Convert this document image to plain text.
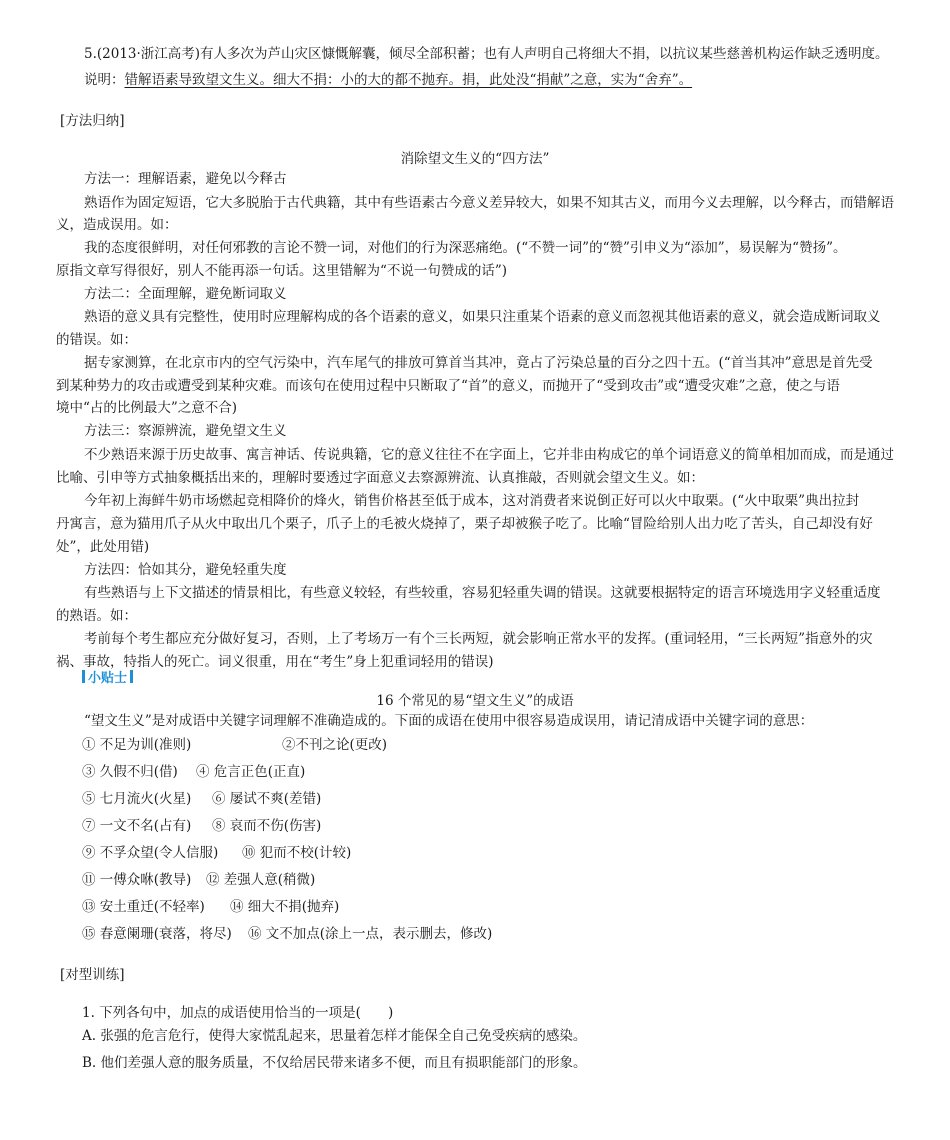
5.(2013·浙江高考)有人多次为芦山灾区慷慨解囊，倾尽全部积蓄；也有人声明自己将细大不捐，以抗议某些慈善机构运作缺乏透明度。
说明：错解语素导致望文生义。细大不捐：小的大的都不抛弃。捐，此处没“捐献”之意，实为“舍弃”。
[方法归纳]
消除望文生义的“四方法”
方法一：理解语素，避免以今释古
熟语作为固定短语，它大多脱胎于古代典籍，其中有些语素古今意义差异较大，如果不知其古义，而用今义去理解，以今释古，而错解语
义，造成误用。如：
我的态度很鲜明，对任何邪教的言论不赞一词，对他们的行为深恶痛绝。(“不赞一词”的“赞”引申义为“添加”，易误解为“赞扬”。
原指文章写得很好，别人不能再添一句话。这里错解为“不说一句赞成的话”)
方法二：全面理解，避免断词取义
熟语的意义具有完整性，使用时应理解构成的各个语素的意义，如果只注重某个语素的意义而忽视其他语素的意义，就会造成断词取义
的错误。如：
据专家测算，在北京市内的空气污染中，汽车尾气的排放可算首当其冲，竟占了污染总量的百分之四十五。(“首当其冲”意思是首先受
到某种势力的攻击或遭受到某种灾难。而该句在使用过程中只断取了“首”的意义，而抛开了“受到攻击”或“遭受灾难”之意，使之与语
境中“占的比例最大”之意不合)
方法三：察源辨流，避免望文生义
不少熟语来源于历史故事、寓言神话、传说典籍，它的意义往往不在字面上，它并非由构成它的单个词语意义的简单相加而成，而是通过
比喻、引申等方式抽象概括出来的，理解时要透过字面意义去察源辨流、认真推敲，否则就会望文生义。如：
今年初上海鲜牛奶市场燃起竞相降价的烽火，销售价格甚至低于成本，这对消费者来说倒正好可以火中取栗。(“火中取栗”典出拉封
丹寓言，意为猫用爪子从火中取出几个栗子，爪子上的毛被火烧掉了，栗子却被猴子吃了。比喻“冒险给别人出力吃了苦头，自己却没有好
处”，此处用错)
方法四：恰如其分，避免轻重失度
有些熟语与上下文描述的情景相比，有些意义较轻，有些较重，容易犯轻重失调的错误。这就要根据特定的语言环境选用字义轻重适度
的熟语。如：
考前每个考生都应充分做好复习，否则，上了考场万一有个三长两短，就会影响正常水平的发挥。(重词轻用，“三长两短”指意外的灾
祸、事故，特指人的死亡。词义很重，用在“考生”身上犯重词轻用的错误)
小贴士
16 个常见的易“望文生义”的成语
“望文生义”是对成语中关键字词理解不准确造成的。下面的成语在使用中很容易造成误用，请记清成语中关键字词的意思：
① 不足为训(准则)	②不刊之论(更改)
③ 久假不归(借) ④ 危言正色(正直)
⑤ 七月流火(火星) ⑥ 屡试不爽(差错)
⑦ 一文不名(占有) ⑧ 哀而不伤(伤害)
⑨ 不孚众望(令人信服) ⑩ 犯而不校(计较)
⑪ 一傅众咻(教导) ⑫ 差强人意(稍微)
⑬ 安土重迁(不轻率) ⑭ 细大不捐(抛弃)
⑮ 春意阑珊(衰落，将尽) ⑯ 文不加点(涂上一点，表示删去，修改)
[对型训练]
1. 下列各句中，加点的成语使用恰当的一项是(　　)
A. 张强的危言危行，使得大家慌乱起来，思量着怎样才能保全自己免受疾病的感染。
B. 他们差强人意的服务质量，不仅给居民带来诸多不便，而且有损职能部门的形象。
